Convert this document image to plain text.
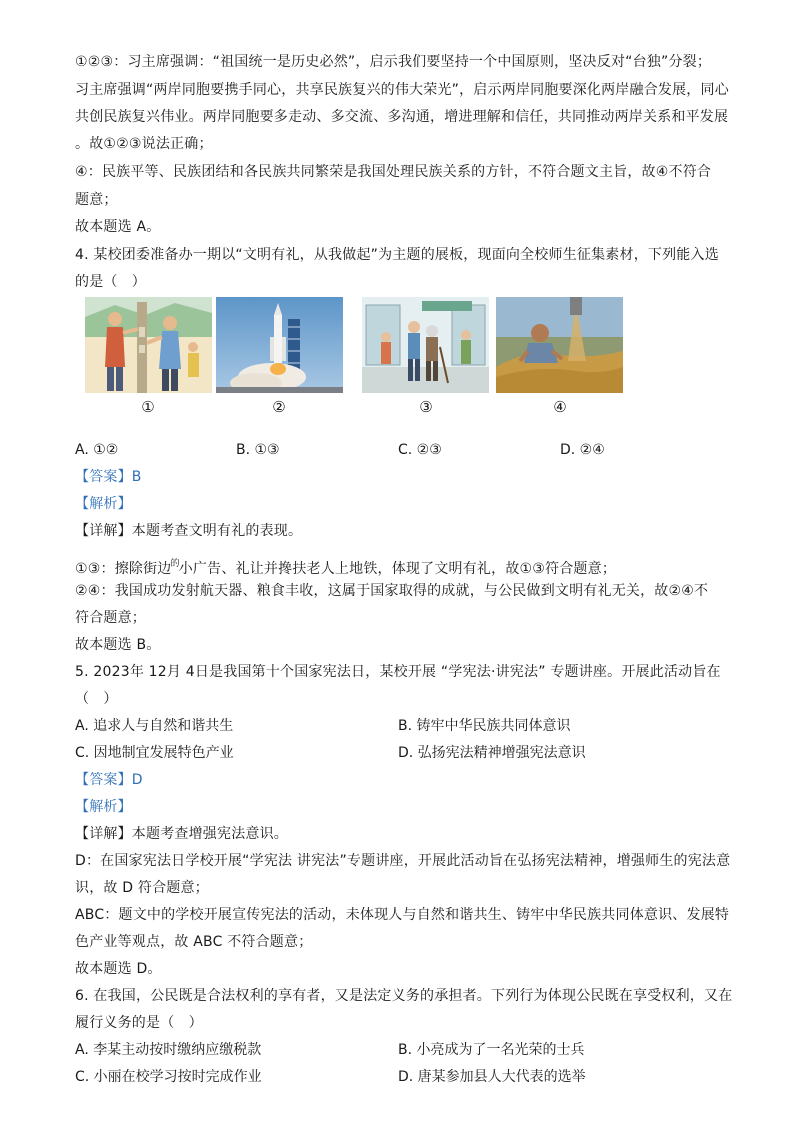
①②③：习主席强调：“祖国统一是历史必然”，启示我们要坚持一个中国原则，坚决反对“台独”分裂；
习主席强调“两岸同胞要携手同心，共享民族复兴的伟大荣光”，启示两岸同胞要深化两岸融合发展，同心
共创民族复兴伟业。两岸同胞要多走动、多交流、多沟通，增进理解和信任，共同推动两岸关系和平发展
。故①②③说法正确；
④：民族平等、民族团结和各民族共同繁荣是我国处理民族关系的方针，不符合题文主旨，故④不符合
题意；
故本题选 A。
4. 某校团委准备办一期以“文明有礼，从我做起”为主题的展板，现面向全校师生征集素材，下列能入选
的是（　）
①	②	③	④
A. ①②	B. ①③	C. ②③	D. ②④
【答案】B
【解析】
【详解】本题考查文明有礼的表现。
①③：擦除街边$^的$小广告、礼让并搀扶老人上地铁，体现了文明有礼，故①③符合题意；
②④：我国成功发射航天器、粮食丰收，这属于国家取得的成就，与公民做到文明有礼无关，故②④不
符合题意；
故本题选 B。
5. 2023年 12月 4日是我国第十个国家宪法日，某校开展 “学宪法·讲宪法” 专题讲座。开展此活动旨在
（　）
A. 追求人与自然和谐共生	B. 铸牢中华民族共同体意识
C. 因地制宜发展特色产业	D. 弘扬宪法精神增强宪法意识
【答案】D
【解析】
【详解】本题考查增强宪法意识。
D：在国家宪法日学校开展“学宪法 讲宪法”专题讲座，开展此活动旨在弘扬宪法精神，增强师生的宪法意
识，故 D 符合题意；
ABC：题文中的学校开展宣传宪法的活动，未体现人与自然和谐共生、铸牢中华民族共同体意识、发展特
色产业等观点，故 ABC 不符合题意；
故本题选 D。
6. 在我国，公民既是合法权利的享有者，又是法定义务的承担者。下列行为体现公民既在享受权利，又在
履行义务的是（　）
A. 李某主动按时缴纳应缴税款	B. 小亮成为了一名光荣的士兵
C. 小丽在校学习按时完成作业	D. 唐某参加县人大代表的选举
